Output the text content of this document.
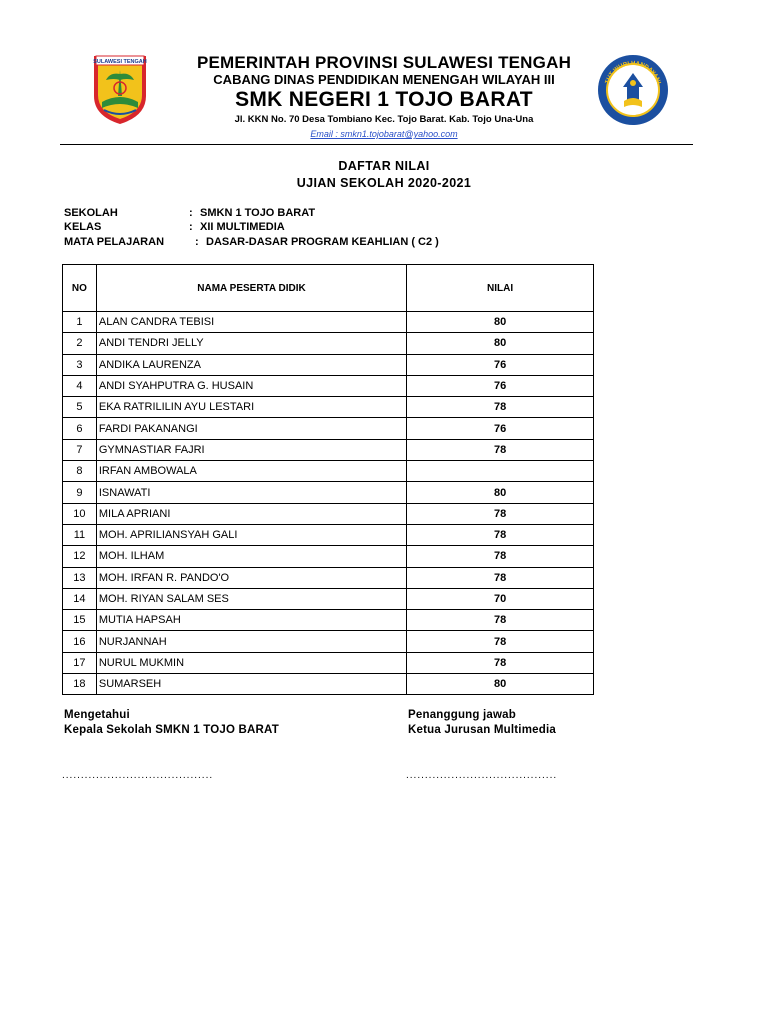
SULAWESI TENGAH
TUT WURI HANDAYANI
PEMERINTAH PROVINSI SULAWESI TENGAH
CABANG DINAS PENDIDIKAN MENENGAH WILAYAH III
SMK NEGERI 1 TOJO BARAT
Jl. KKN No. 70 Desa Tombiano Kec. Tojo Barat. Kab. Tojo Una-Una
Email : smkn1.tojobarat@yahoo.com
DAFTAR NILAI
UJIAN SEKOLAH 2020-2021
SEKOLAH	: SMKN 1 TOJO BARAT
KELAS	: XII MULTIMEDIA
MATA PELAJARAN	: DASAR-DASAR PROGRAM KEAHLIAN ( C2 )
NO	NAMA PESERTA DIDIK	NILAI
1	ALAN CANDRA TEBISI	80
2	ANDI TENDRI JELLY	80
3	ANDIKA LAURENZA	76
4	ANDI SYAHPUTRA G. HUSAIN	76
5	EKA RATRILILIN AYU LESTARI	78
6	FARDI PAKANANGI	76
7	GYMNASTIAR FAJRI	78
8	IRFAN AMBOWALA	
9	ISNAWATI	80
10	MILA APRIANI	78
11	MOH. APRILIANSYAH GALI	78
12	MOH. ILHAM	78
13	MOH. IRFAN R. PANDO'O	78
14	MOH. RIYAN SALAM SES	70
15	MUTIA HAPSAH	78
16	NURJANNAH	78
17	NURUL MUKMIN	78
18	SUMARSEH	80
Mengetahui
Kepala Sekolah SMKN 1 TOJO BARAT
Penanggung jawab
Ketua Jurusan Multimedia
........................................	........................................
